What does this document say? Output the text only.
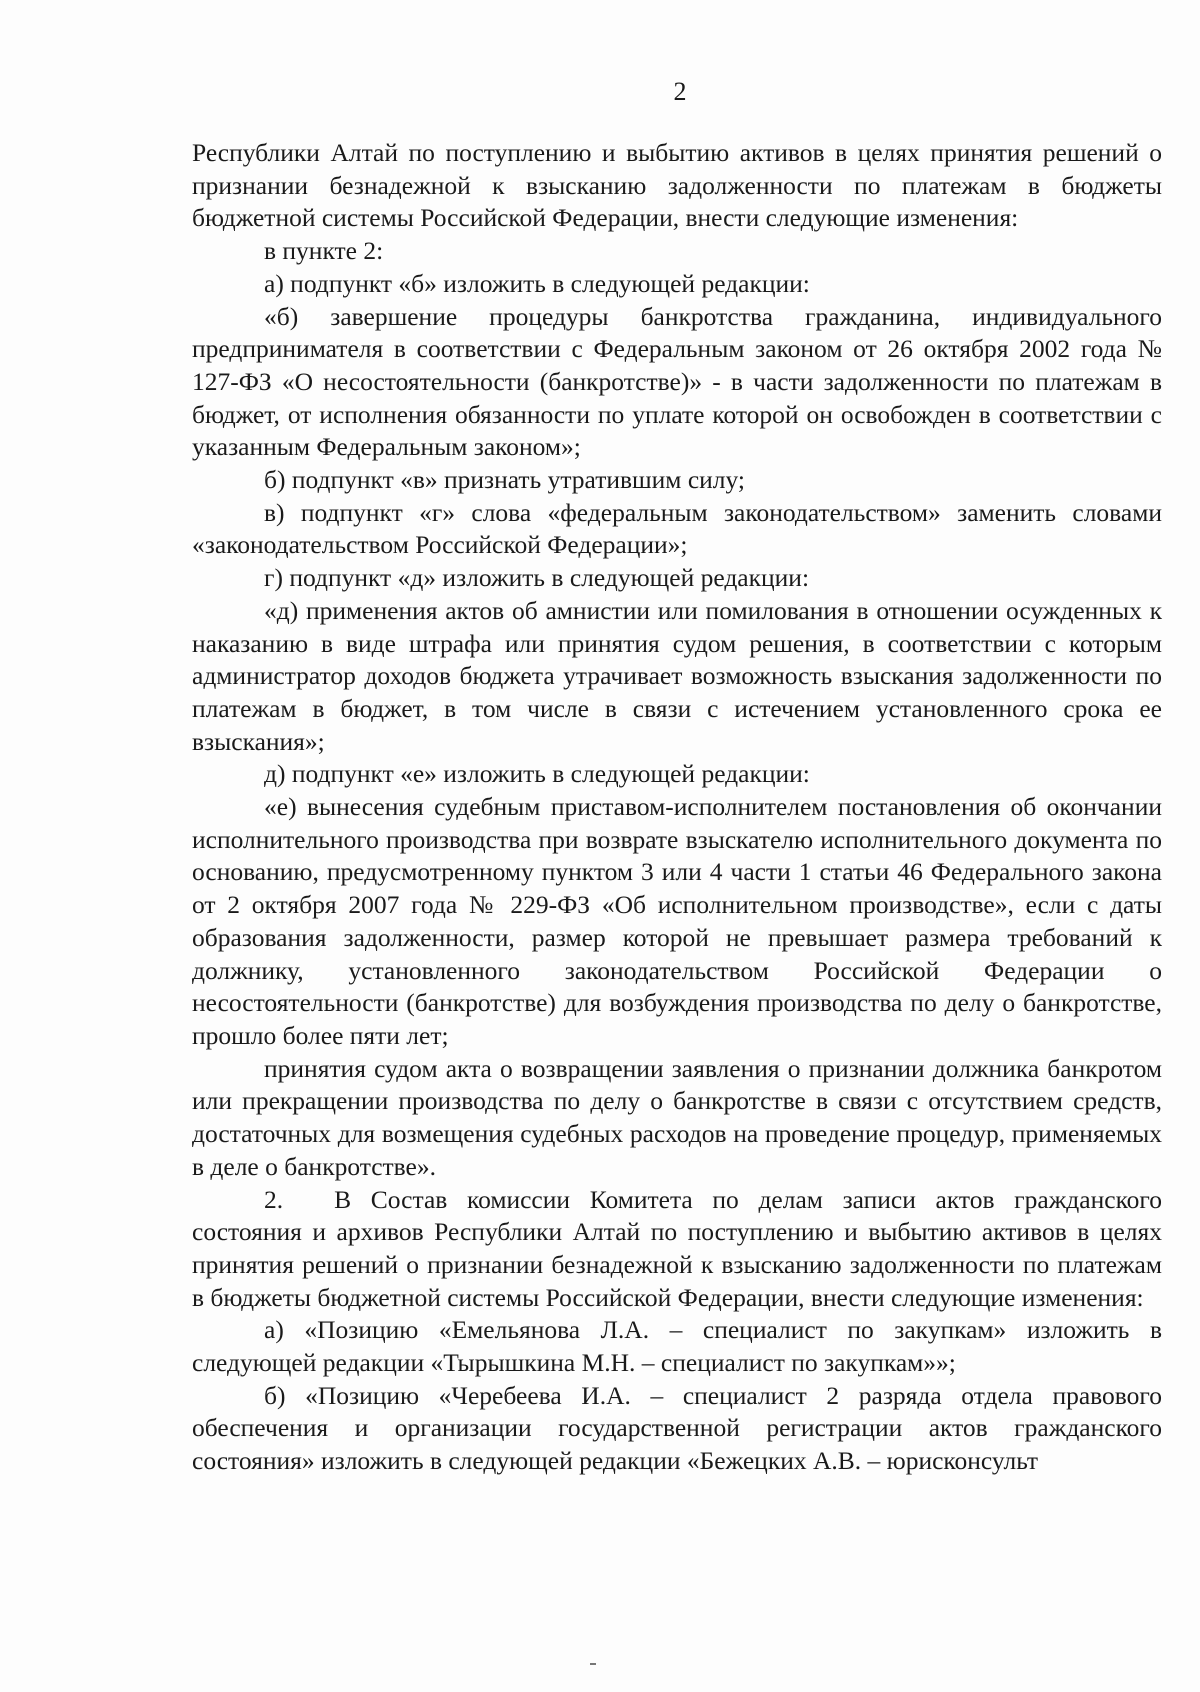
2

Республики Алтай по поступлению и выбытию активов в целях принятия решений о признании безнадежной к взысканию задолженности по платежам в бюджеты бюджетной системы Российской Федерации, внести следующие изменения:

в пункте 2:

а) подпункт «б» изложить в следующей редакции:

«б) завершение процедуры банкротства гражданина, индивидуального предпринимателя в соответствии с Федеральным законом от 26 октября 2002 года № 127-ФЗ «О несостоятельности (банкротстве)» - в части задолженности по платежам в бюджет, от исполнения обязанности по уплате которой он освобожден в соответствии с указанным Федеральным законом»;

б) подпункт «в» признать утратившим силу;

в) подпункт «г» слова «федеральным законодательством» заменить словами «законодательством Российской Федерации»;

г) подпункт «д» изложить в следующей редакции:

«д) применения актов об амнистии или помилования в отношении осужденных к наказанию в виде штрафа или принятия судом решения, в соответствии с которым администратор доходов бюджета утрачивает возможность взыскания задолженности по платежам в бюджет, в том числе в связи с истечением установленного срока ее взыскания»;

д) подпункт «е» изложить в следующей редакции:

«е) вынесения судебным приставом-исполнителем постановления об окончании исполнительного производства при возврате взыскателю исполнительного документа по основанию, предусмотренному пунктом 3 или 4 части 1 статьи 46 Федерального закона от 2 октября 2007 года № 229-ФЗ «Об исполнительном производстве», если с даты образования задолженности, размер которой не превышает размера требований к должнику, установленного законодательством Российской Федерации о несостоятельности (банкротстве) для возбуждения производства по делу о банкротстве, прошло более пяти лет;

принятия судом акта о возвращении заявления о признании должника банкротом или прекращении производства по делу о банкротстве в связи с отсутствием средств, достаточных для возмещения судебных расходов на проведение процедур, применяемых в деле о банкротстве».

2.  В Состав комиссии Комитета по делам записи актов гражданского состояния и архивов Республики Алтай по поступлению и выбытию активов в целях принятия решений о признании безнадежной к взысканию задолженности по платежам в бюджеты бюджетной системы Российской Федерации, внести следующие изменения:

а) «Позицию «Емельянова Л.А. – специалист по закупкам» изложить в следующей редакции «Тырышкина М.Н. – специалист по закупкам»»;

б) «Позицию «Черебеева И.А. – специалист 2 разряда отдела правового обеспечения и организации государственной регистрации актов гражданского состояния» изложить в следующей редакции «Бежецких А.В. – юрисконсульт
